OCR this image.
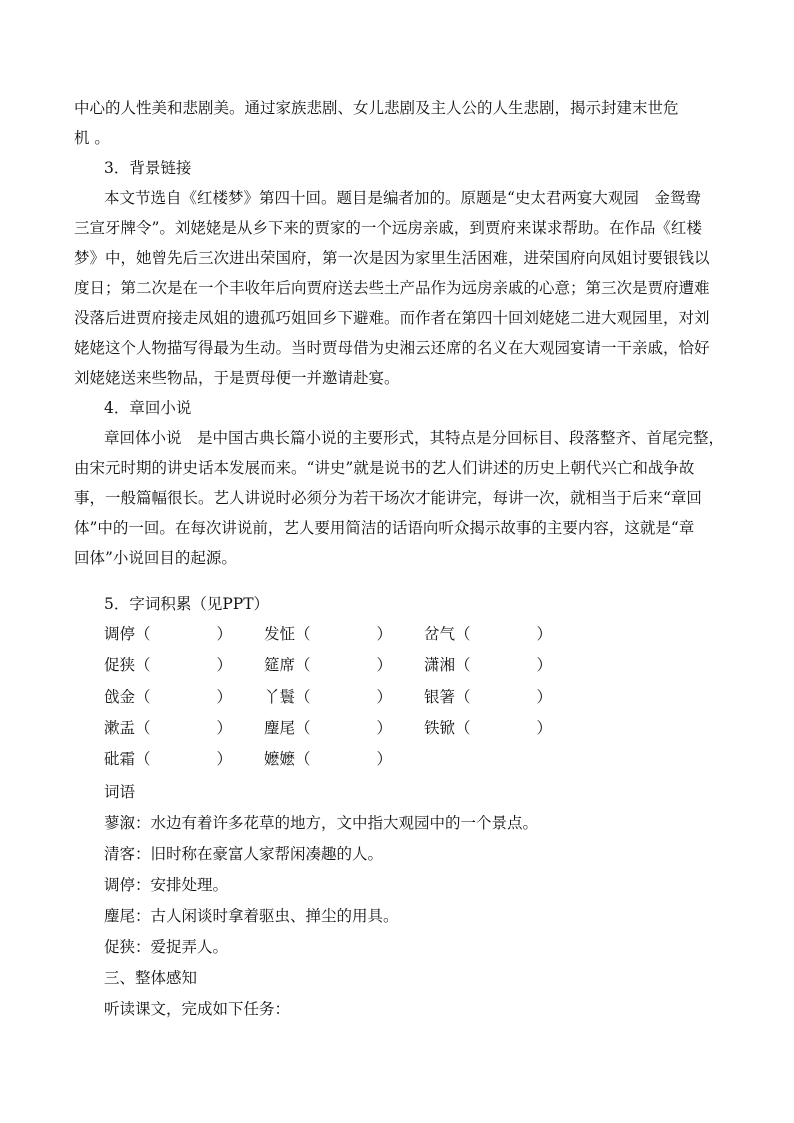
中心的人性美和悲剧美。通过家族悲剧、女儿悲剧及主人公的人生悲剧，揭示封建末世危
机 。
3．背景链接
本文节选自《红楼梦》第四十回。题目是编者加的。原题是“史太君两宴大观园　金鸳鸯
三宣牙牌令”。刘姥姥是从乡下来的贾家的一个远房亲戚，到贾府来谋求帮助。在作品《红楼
梦》中，她曾先后三次进出荣国府，第一次是因为家里生活困难，进荣国府向凤姐讨要银钱以
度日；第二次是在一个丰收年后向贾府送去些土产品作为远房亲戚的心意；第三次是贾府遭难
没落后进贾府接走凤姐的遗孤巧姐回乡下避难。而作者在第四十回刘姥姥二进大观园里，对刘
姥姥这个人物描写得最为生动。当时贾母借为史湘云还席的名义在大观园宴请一干亲戚，恰好
刘姥姥送来些物品，于是贾母便一并邀请赴宴。
4．章回小说
章回体小说　是中国古典长篇小说的主要形式，其特点是分回标目、段落整齐、首尾完整，
由宋元时期的讲史话本发展而来。“讲史”就是说书的艺人们讲述的历史上朝代兴亡和战争故
事，一般篇幅很长。艺人讲说时必须分为若干场次才能讲完，每讲一次，就相当于后来“章回
体”中的一回。在每次讲说前，艺人要用简洁的话语向听众揭示故事的主要内容，这就是“章
回体”小说回目的起源。
5．字词积累（见PPT）
调停（	） 发怔（	） 岔气（	）
促狭（	） 筵席（	） 潇湘（	）
戗金（	） 丫鬟（	） 银箸（	）
漱盂（	） 麈尾（	） 铁锨（	）
砒霜（	） 嬷嬷（	）
词语
蓼溆：水边有着许多花草的地方，文中指大观园中的一个景点。
清客：旧时称在豪富人家帮闲凑趣的人。
调停：安排处理。
麈尾：古人闲谈时拿着驱虫、掸尘的用具。
促狭：爱捉弄人。
三、整体感知
听读课文，完成如下任务：
